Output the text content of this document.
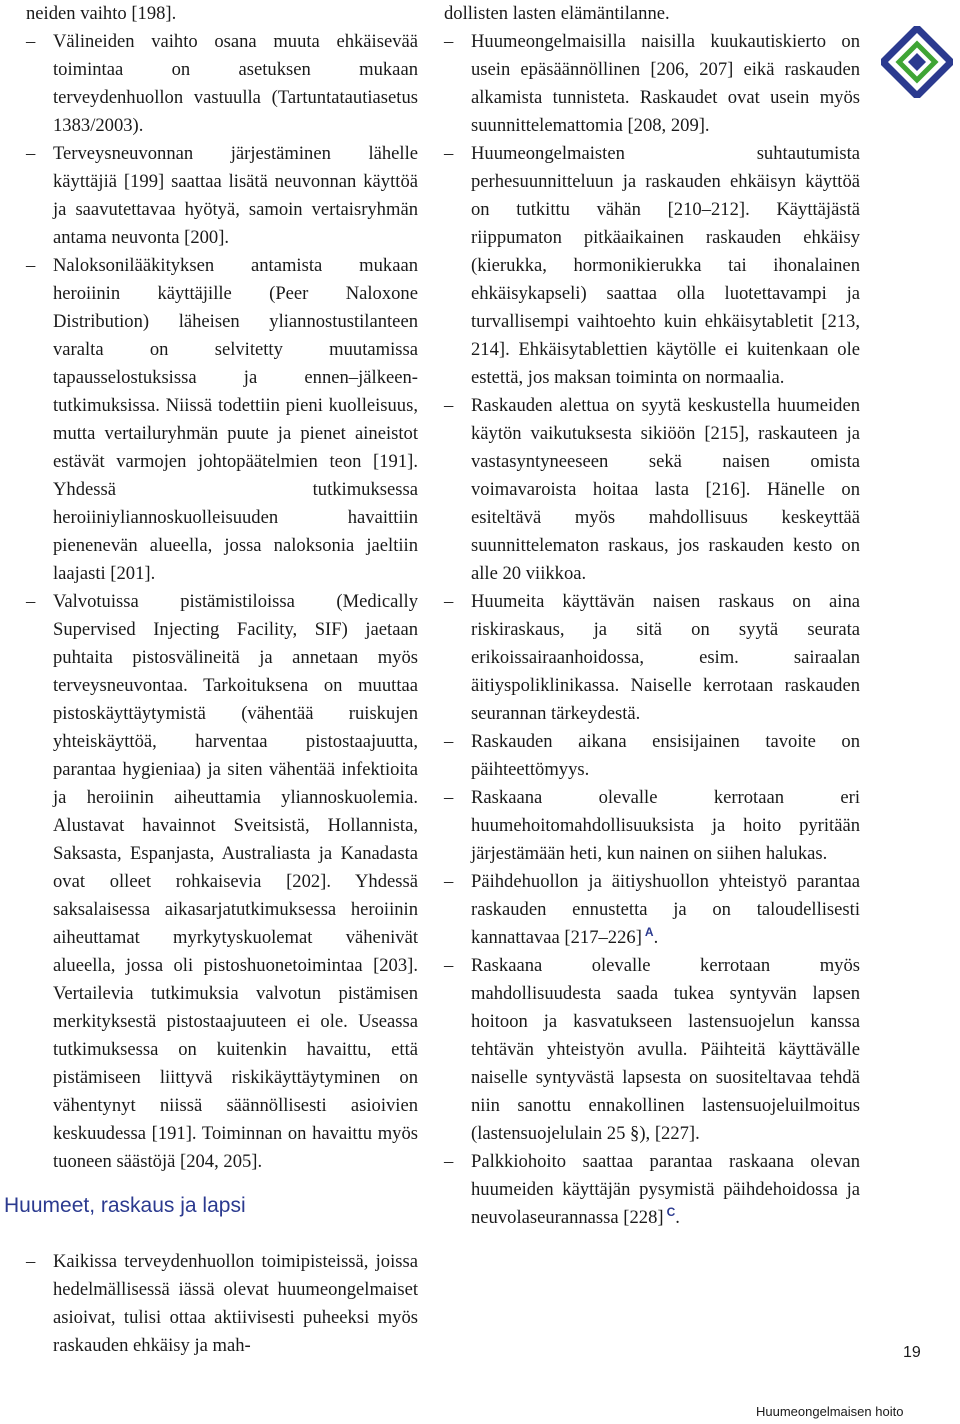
neiden vaihto [198].

– Välineiden vaihto osana muuta ehkäisevää toimintaa on asetuksen mukaan terveydenhuollon vastuulla (Tartuntatautiasetus 1383/2003).
– Terveysneuvonnan järjestäminen lähelle käyttäjiä [199] saattaa lisätä neuvonnan käyttöä ja saavutettavaa hyötyä, samoin vertaisryhmän antama neuvonta [200].
– Naloksonilääkityksen antamista mukaan heroiinin käyttäjille (Peer Naloxone Distribution) läheisen yliannostustilanteen varalta on selvitetty muutamissa tapausselostuksissa ja ennen–jälkeen-tutkimuksissa. Niissä todettiin pieni kuolleisuus, mutta vertailuryhmän puute ja pienet aineistot estävät varmojen johtopäätelmien teon [191]. Yhdessä tutkimuksessa heroiiniyliannoskuolleisuuden havaittiin pienenevän alueella, jossa naloksonia jaeltiin laajasti [201].
– Valvotuissa pistämistiloissa (Medically Supervised Injecting Facility, SIF) jaetaan puhtaita pistosvälineitä ja annetaan myös terveysneuvontaa. Tarkoituksena on muuttaa pistoskäyttäytymistä (vähentää ruiskujen yhteiskäyttöä, harventaa pistostaajuutta, parantaa hygieniaa) ja siten vähentää infektioita ja heroiinin aiheuttamia yliannoskuolemia. Alustavat havainnot Sveitsistä, Hollannista, Saksasta, Espanjasta, Australiasta ja Kanadasta ovat olleet rohkaisevia [202]. Yhdessä saksalaisessa aikasarjatutkimuksessa heroiinin aiheuttamat myrkytyskuolemat vähenivät alueella, jossa oli pistoshuonetoimintaa [203]. Vertailevia tutkimuksia valvotun pistämisen merkityksestä pistostaajuuteen ei ole. Useassa tutkimuksessa on kuitenkin havaittu, että pistämiseen liittyvä riskikäyttäytyminen on vähentynyt niissä säännöllisesti asioivien keskuudessa [191]. Toiminnan on havaittu myös tuoneen säästöjä [204, 205].
Huumeet, raskaus ja lapsi
– Kaikissa terveydenhuollon toimipisteissä, joissa hedelmällisessä iässä olevat huumeongelmaiset asioivat, tulisi ottaa aktiivisesti puheeksi myös raskauden ehkäisy ja mah-

dollisten lasten elämäntilanne.

– Huumeongelmaisilla naisilla kuukautiskierto on usein epäsäännöllinen [206, 207] eikä raskauden alkamista tunnisteta. Raskaudet ovat usein myös suunnittelemattomia [208, 209].
– Huumeongelmaisten suhtautumista perhesuunnitteluun ja raskauden ehkäisyn käyttöä on tutkittu vähän [210–212]. Käyttäjästä riippumaton pitkäaikainen raskauden ehkäisy (kierukka, hormonikierukka tai ihonalainen ehkäisykapseli) saattaa olla luotettavampi ja turvallisempi vaihtoehto kuin ehkäisytabletit [213, 214]. Ehkäisytablettien käytölle ei kuitenkaan ole estettä, jos maksan toiminta on normaalia.
– Raskauden alettua on syytä keskustella huumeiden käytön vaikutuksesta sikiöön [215], raskauteen ja vastasyntyneeseen sekä naisen omista voimavaroista hoitaa lasta [216]. Hänelle on esiteltävä myös mahdollisuus keskeyttää suunnittelematon raskaus, jos raskauden kesto on alle 20 viikkoa.
– Huumeita käyttävän naisen raskaus on aina riskiraskaus, ja sitä on syytä seurata erikoissairaanhoidossa, esim. sairaalan äitiyspoliklinikassa. Naiselle kerrotaan raskauden seurannan tärkeydestä.
– Raskauden aikana ensisijainen tavoite on päihteettömyys.
– Raskaana olevalle kerrotaan eri huumehoitomahdollisuuksista ja hoito pyritään järjestämään heti, kun nainen on siihen halukas.
– Päihdehuollon ja äitiyshuollon yhteistyö parantaa raskauden ennustetta ja on taloudellisesti kannattavaa [217–226] $^A$.
– Raskaana olevalle kerrotaan myös mahdollisuudesta saada tukea syntyvän lapsen hoitoon ja kasvatukseen lastensuojelun kanssa tehtävän yhteistyön avulla. Päihteitä käyttävälle naiselle syntyvästä lapsesta on suositeltavaa tehdä niin sanottu ennakollinen lastensuojeluilmoitus (lastensuojelulain 25 §), [227].
– Palkkiohoito saattaa parantaa raskaana olevan huumeiden käyttäjän pysymistä päihdehoidossa ja neuvolaseurannassa [228] $^C$.
19
Huumeongelmaisen hoito
